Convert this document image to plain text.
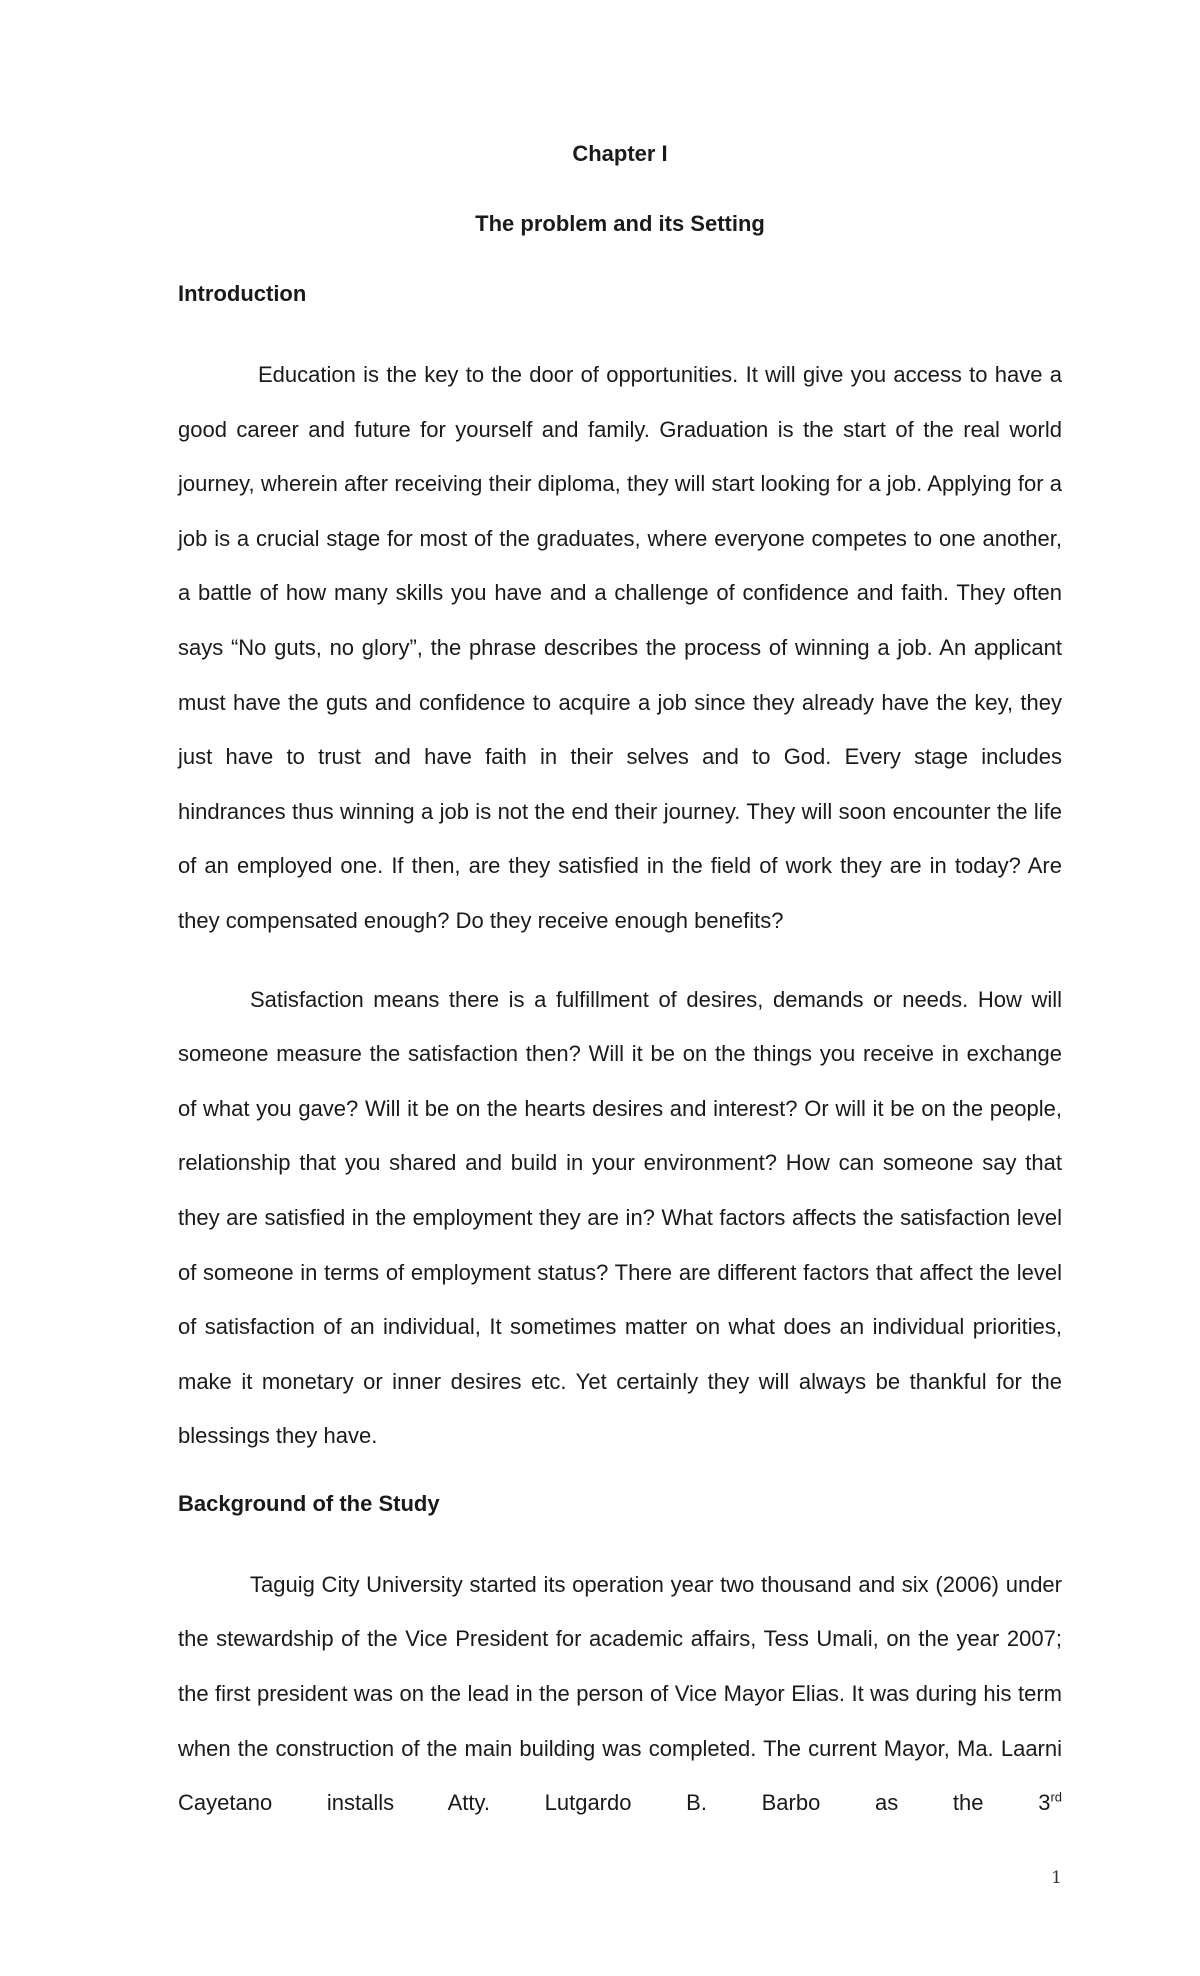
Chapter I
The problem and its Setting
Introduction

Education is the key to the door of opportunities. It will give you access to have a good career and future for yourself and family. Graduation is the start of the real world journey, wherein after receiving their diploma, they will start looking for a job. Applying for a job is a crucial stage for most of the graduates, where everyone competes to one another, a battle of how many skills you have and a challenge of confidence and faith. They often says “No guts, no glory”, the phrase describes the process of winning a job. An applicant must have the guts and confidence to acquire a job since they already have the key, they just have to trust and have faith in their selves and to God. Every stage includes hindrances thus winning a job is not the end their journey. They will soon encounter the life of an employed one. If then, are they satisfied in the field of work they are in today? Are they compensated enough? Do they receive enough benefits?

Satisfaction means there is a fulfillment of desires, demands or needs. How will someone measure the satisfaction then? Will it be on the things you receive in exchange of what you gave? Will it be on the hearts desires and interest? Or will it be on the people, relationship that you shared and build in your environment? How can someone say that they are satisfied in the employment they are in? What factors affects the satisfaction level of someone in terms of employment status? There are different factors that affect the level of satisfaction of an individual, It sometimes matter on what does an individual priorities, make it monetary or inner desires etc. Yet certainly they will always be thankful for the blessings they have.

Background of the Study

Taguig City University started its operation year two thousand and six (2006) under the stewardship of the Vice President for academic affairs, Tess Umali, on the year 2007; the first president was on the lead in the person of Vice Mayor Elias. It was during his term when the construction of the main building was completed. The current Mayor, Ma. Laarni Cayetano installs Atty. Lutgardo B. Barbo as the 3rd

1
